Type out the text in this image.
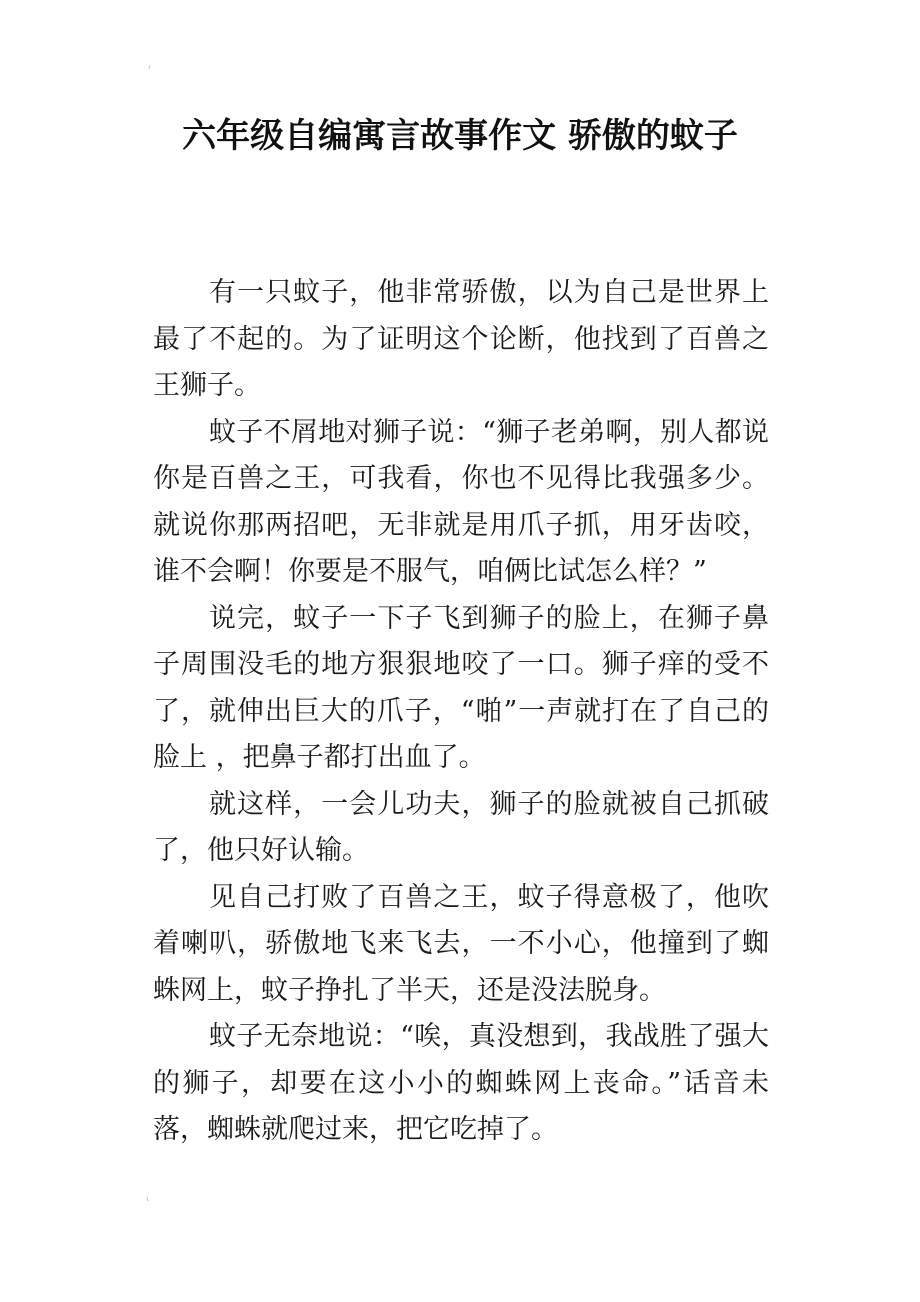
⸢
⸤
六年级自编寓言故事作文 骄傲的蚊子

有一只蚊子，他非常骄傲，以为自己是世界上最了不起的。为了证明这个论断，他找到了百兽之王狮子。

蚊子不屑地对狮子说：“狮子老弟啊，别人都说你是百兽之王，可我看，你也不见得比我强多少。就说你那两招吧，无非就是用爪子抓，用牙齿咬，谁不会啊！你要是不服气，咱俩比试怎么样？”

说完，蚊子一下子飞到狮子的脸上，在狮子鼻子周围没毛的地方狠狠地咬了一口。狮子痒的受不了，就伸出巨大的爪子，“啪”一声就打在了自己的脸上 ，把鼻子都打出血了。

就这样，一会儿功夫，狮子的脸就被自己抓破了，他只好认输。

见自己打败了百兽之王，蚊子得意极了，他吹着喇叭，骄傲地飞来飞去，一不小心，他撞到了蜘蛛网上，蚊子挣扎了半天，还是没法脱身。

蚊子无奈地说：“唉，真没想到，我战胜了强大的狮子，却要在这小小的蜘蛛网上丧命。”话音未落，蜘蛛就爬过来，把它吃掉了。
